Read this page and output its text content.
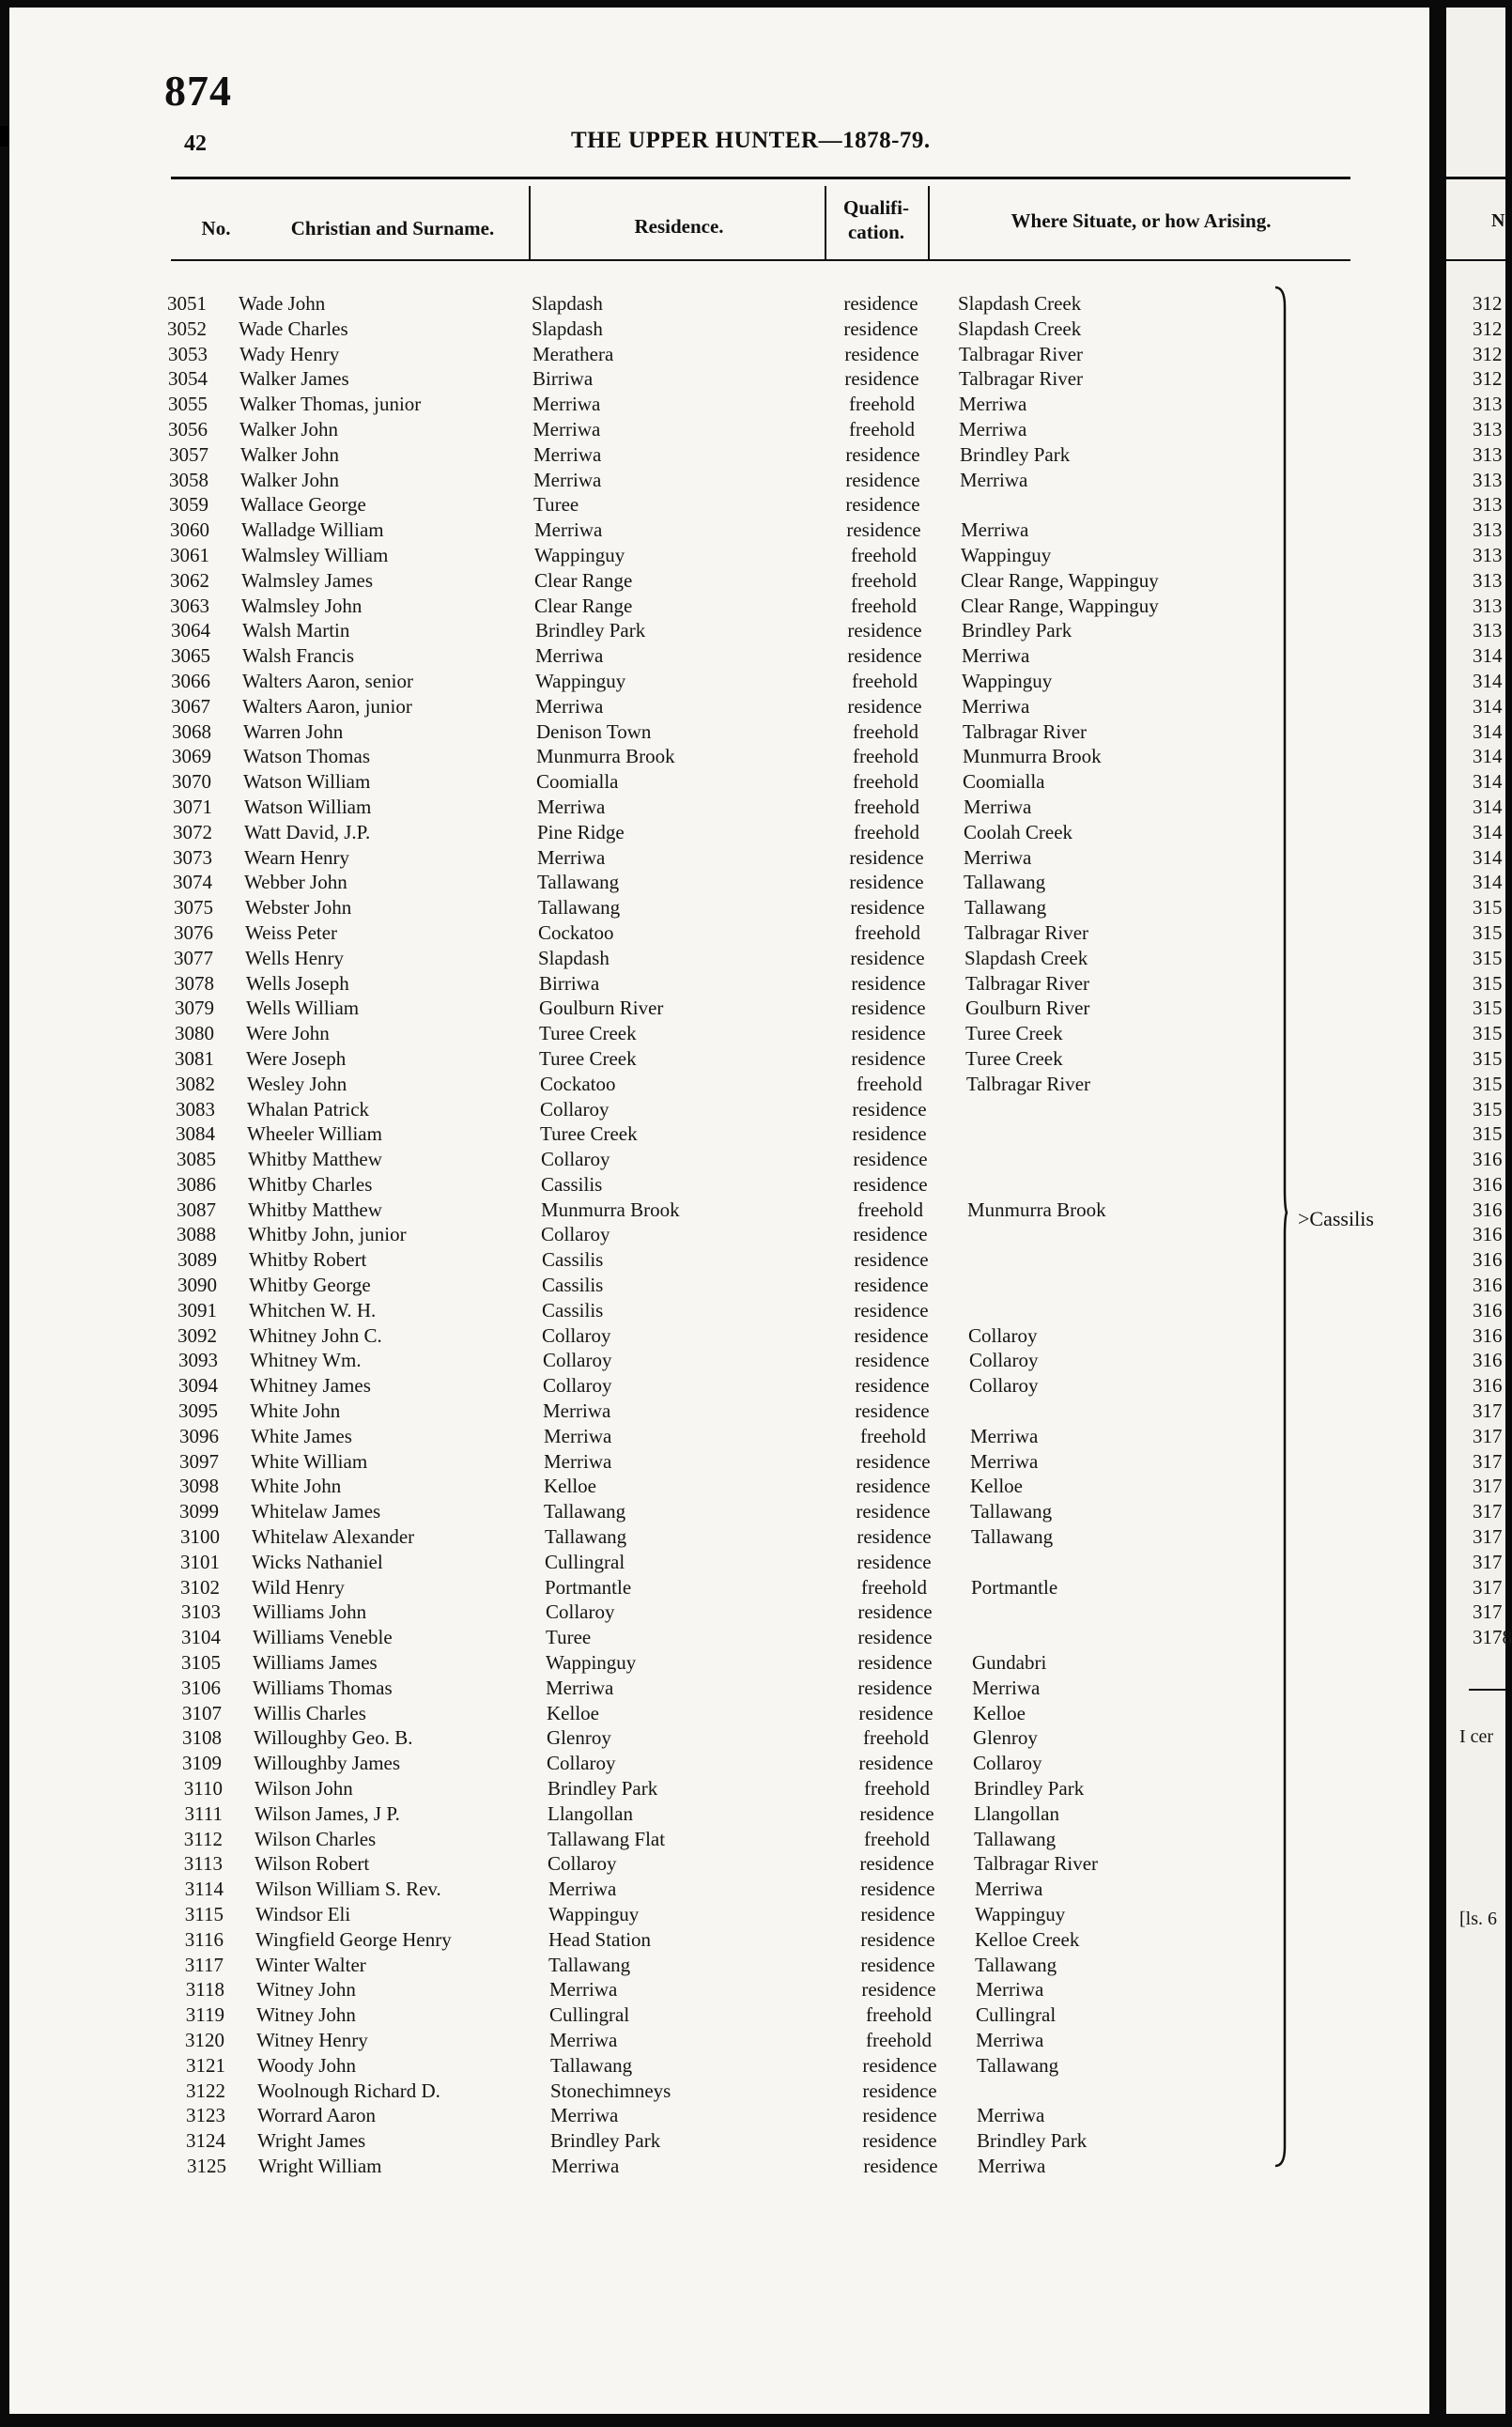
874
42	THE UPPER HUNTER—1878-79.
No.	Christian and Surname.	Residence.
Qualifi-
cation.	Where Situate, or how Arising.
3051 Wade John	Slapdash	residence	Slapdash Creek
3052 Wade Charles	Slapdash	residence	Slapdash Creek
3053 Wady Henry	Merathera	residence	Talbragar River
3054 Walker James	Birriwa	residence	Talbragar River
3055 Walker Thomas, junior	Merriwa	freehold	Merriwa
3056 Walker John	Merriwa	freehold	Merriwa
3057 Walker John	Merriwa	residence	Brindley Park
3058 Walker John	Merriwa	residence	Merriwa
3059 Wallace George	Turee	residence
3060 Walladge William	Merriwa	residence	Merriwa
3061 Walmsley William	Wappinguy	freehold	Wappinguy
3062 Walmsley James	Clear Range	freehold	Clear Range, Wappinguy
3063 Walmsley John	Clear Range	freehold	Clear Range, Wappinguy
3064 Walsh Martin	Brindley Park	residence	Brindley Park
3065 Walsh Francis	Merriwa	residence	Merriwa
3066 Walters Aaron, senior	Wappinguy	freehold	Wappinguy
3067 Walters Aaron, junior	Merriwa	residence	Merriwa
3068 Warren John	Denison Town	freehold	Talbragar River
3069 Watson Thomas	Munmurra Brook	freehold	Munmurra Brook
3070 Watson William	Coomialla	freehold	Coomialla
3071 Watson William	Merriwa	freehold	Merriwa
3072 Watt David, J.P.	Pine Ridge	freehold	Coolah Creek
3073 Wearn Henry	Merriwa	residence	Merriwa
3074 Webber John	Tallawang	residence	Tallawang
3075 Webster John	Tallawang	residence	Tallawang
3076 Weiss Peter	Cockatoo	freehold	Talbragar River
3077 Wells Henry	Slapdash	residence	Slapdash Creek
3078 Wells Joseph	Birriwa	residence	Talbragar River
3079 Wells William	Goulburn River	residence	Goulburn River
3080 Were John	Turee Creek	residence	Turee Creek
3081 Were Joseph	Turee Creek	residence	Turee Creek
3082 Wesley John	Cockatoo	freehold	Talbragar River
3083 Whalan Patrick	Collaroy	residence
3084 Wheeler William	Turee Creek	residence
3085 Whitby Matthew	Collaroy	residence
3086 Whitby Charles	Cassilis	residence
3087 Whitby Matthew	Munmurra Brook	freehold	Munmurra Brook
3088 Whitby John, junior	Collaroy	residence
3089 Whitby Robert	Cassilis	residence
3090 Whitby George	Cassilis	residence
3091 Whitchen W. H.	Cassilis	residence
3092 Whitney John C.	Collaroy	residence	Collaroy
3093 Whitney Wm.	Collaroy	residence	Collaroy
3094 Whitney James	Collaroy	residence	Collaroy
3095 White John	Merriwa	residence
3096 White James	Merriwa	freehold	Merriwa
3097 White William	Merriwa	residence	Merriwa
3098 White John	Kelloe	residence	Kelloe
3099 Whitelaw James	Tallawang	residence	Tallawang
3100 Whitelaw Alexander	Tallawang	residence	Tallawang
3101 Wicks Nathaniel	Cullingral	residence
3102 Wild Henry	Portmantle	freehold	Portmantle
3103 Williams John	Collaroy	residence
3104 Williams Veneble	Turee	residence
3105 Williams James	Wappinguy	residence	Gundabri
3106 Williams Thomas	Merriwa	residence	Merriwa
3107 Willis Charles	Kelloe	residence	Kelloe
3108 Willoughby Geo. B.	Glenroy	freehold	Glenroy
3109 Willoughby James	Collaroy	residence	Collaroy
3110 Wilson John	Brindley Park	freehold	Brindley Park
3111 Wilson James, J P.	Llangollan	residence	Llangollan
3112 Wilson Charles	Tallawang Flat	freehold	Tallawang
3113 Wilson Robert	Collaroy	residence	Talbragar River
3114 Wilson William S. Rev.	Merriwa	residence	Merriwa
3115 Windsor Eli	Wappinguy	residence	Wappinguy
3116 Wingfield George Henry	Head Station	residence	Kelloe Creek
3117 Winter Walter	Tallawang	residence	Tallawang
3118 Witney John	Merriwa	residence	Merriwa
3119 Witney John	Cullingral	freehold	Cullingral
3120 Witney Henry	Merriwa	freehold	Merriwa
3121 Woody John	Tallawang	residence	Tallawang
3122 Woolnough Richard D.	Stonechimneys	residence
3123 Worrard Aaron	Merriwa	residence	Merriwa
3124 Wright James	Brindley Park	residence	Brindley Park
3125 Wright William	Merriwa	residence	Merriwa
>Cassilis
N
312
312
312
312
313
313
313
313
313
313
313
313
313
313
314
314
314
314
314
314
314
314
314
314
315
315
315
315
315
315
315
315
315
315
316
316
316
316
316
316
316
316
316
316
317
317
317
317
317
317
317
317
317
3178
I cer
[ls. 6
